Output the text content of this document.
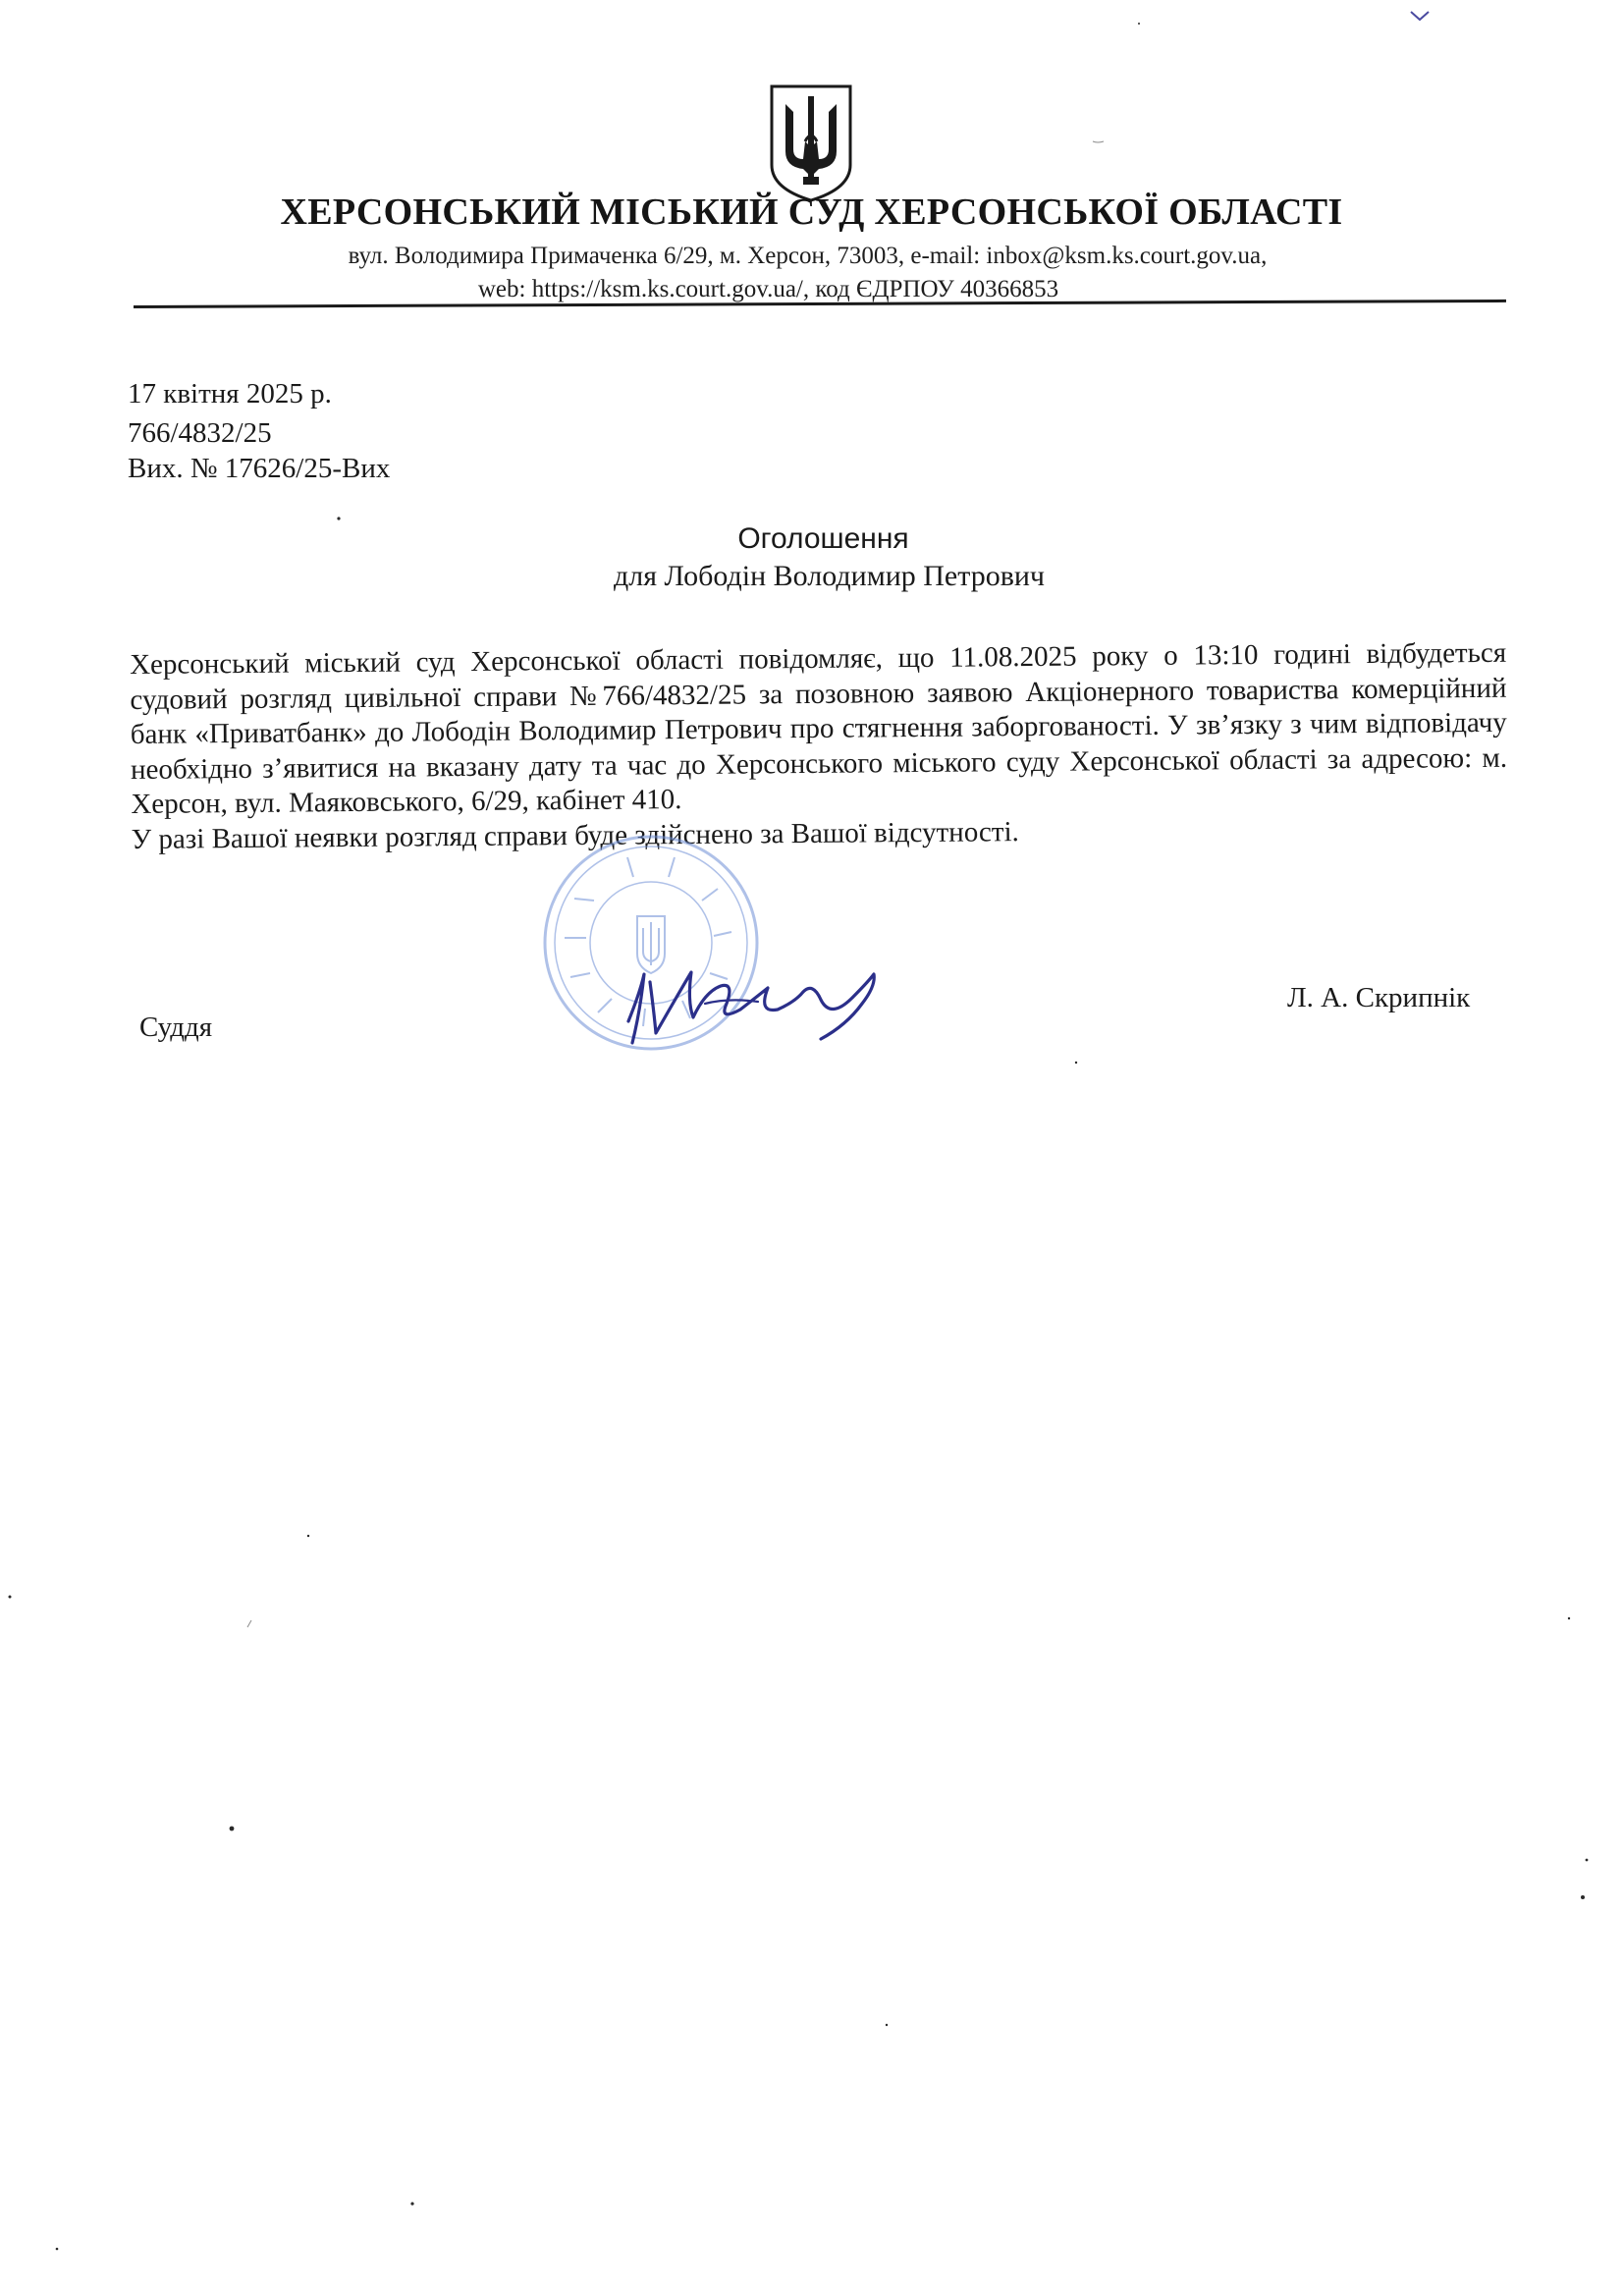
ХЕРСОНСЬКИЙ МІСЬКИЙ СУД ХЕРСОНСЬКОЇ ОБЛАСТІ
вул. Володимира Примаченка 6/29, м. Херсон, 73003, e-mail: inbox@ksm.ks.court.gov.ua,
web: https://ksm.ks.court.gov.ua/, код ЄДРПОУ 40366853
17 квітня 2025 р.
766/4832/25
Вих. № 17626/25-Вих
Оголошення
для Лободін Володимир Петрович

Херсонський міський суд Херсонської області повідомляє, що 11.08.2025 року о 13:10 годині відбудеться судовий розгляд цивільної справи №766/4832/25 за позовною заявою Акціонерного товариства комерційний банк «Приватбанк» до Лободін Володимир Петрович про стягнення заборгованості. У зв’язку з чим відповідачу необхідно з’явитися на вказану дату та час до Херсонського міського суду Херсонської області за адресою: м. Херсон, вул. Маяковського, 6/29, кабінет 410.

У разі Вашої неявки розгляд справи буде здійснено за Вашої відсутності.

Суддя
Л. А. Скрипнік
